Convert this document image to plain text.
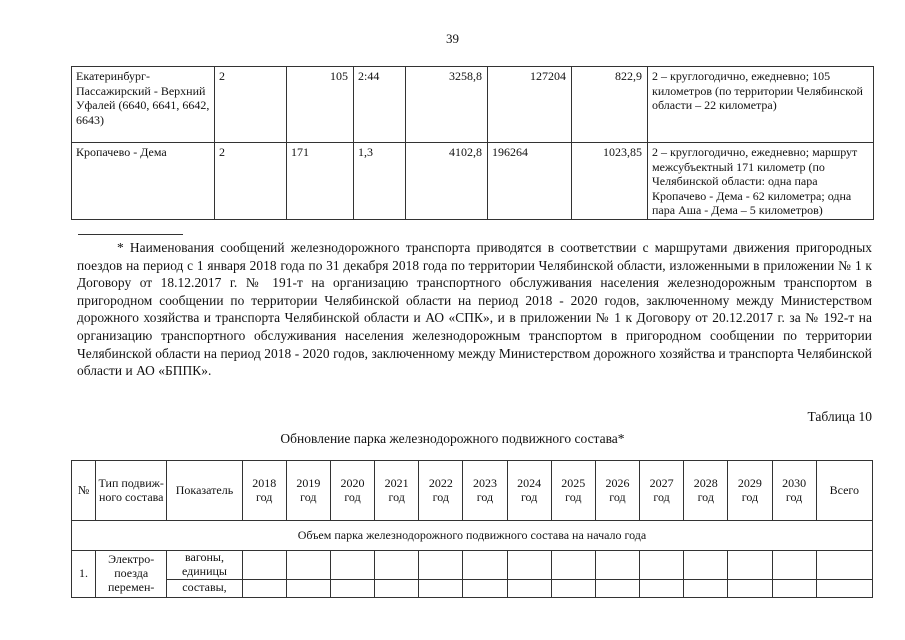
39
Екатеринбург-Пассажирский - Верхний Уфалей (6640, 6641, 6642, 6643)	2	105	2:44	3258,8	127204	822,9	2 – круглогодично, ежедневно; 105 километров (по территории Челябинской области – 22 километра)
Кропачево - Дема	2	171	1,3	4102,8	196264	1023,85	2 – круглогодично, ежедневно; маршрут межсубъектный 171 километр (по Челябинской области: одна пара Кропачево - Дема - 62 километра; одна пара Аша - Дема – 5 километров)
* Наименования сообщений железнодорожного транспорта приводятся в соответствии с маршрутами движения пригородных поездов на период с 1 января 2018 года по 31 декабря 2018 года по территории Челябинской области, изложенными в приложении № 1 к Договору от 18.12.2017 г. № 191-т на организацию транспортного обслуживания населения железнодорожным транспортом в пригородном сообщении по территории Челябинской области на период 2018 - 2020 годов, заключенному между Министерством дорожного хозяйства и транспорта Челябинской области и АО «СПК», и в приложении № 1 к Договору от 20.12.2017 г. за № 192-т на организацию транспортного обслуживания населения железнодорожным транспортом в пригородном сообщении по территории Челябинской области на период 2018 - 2020 годов, заключенному между Министерством дорожного хозяйства и транспорта Челябинской области и АО «БППК».
Таблица 10
Обновление парка железнодорожного подвижного состава*
№	Тип подвиж-ного состава	Показатель	2018 год	2019 год	2020 год	2021 год	2022 год	2023 год	2024 год	2025 год	2026 год	2027 год	2028 год	2029 год	2030 год	Всего
Объем парка железнодорожного подвижного состава на начало года																
1.	Электро-поезда перемен-	вагоны, единицы														
		составы,														
